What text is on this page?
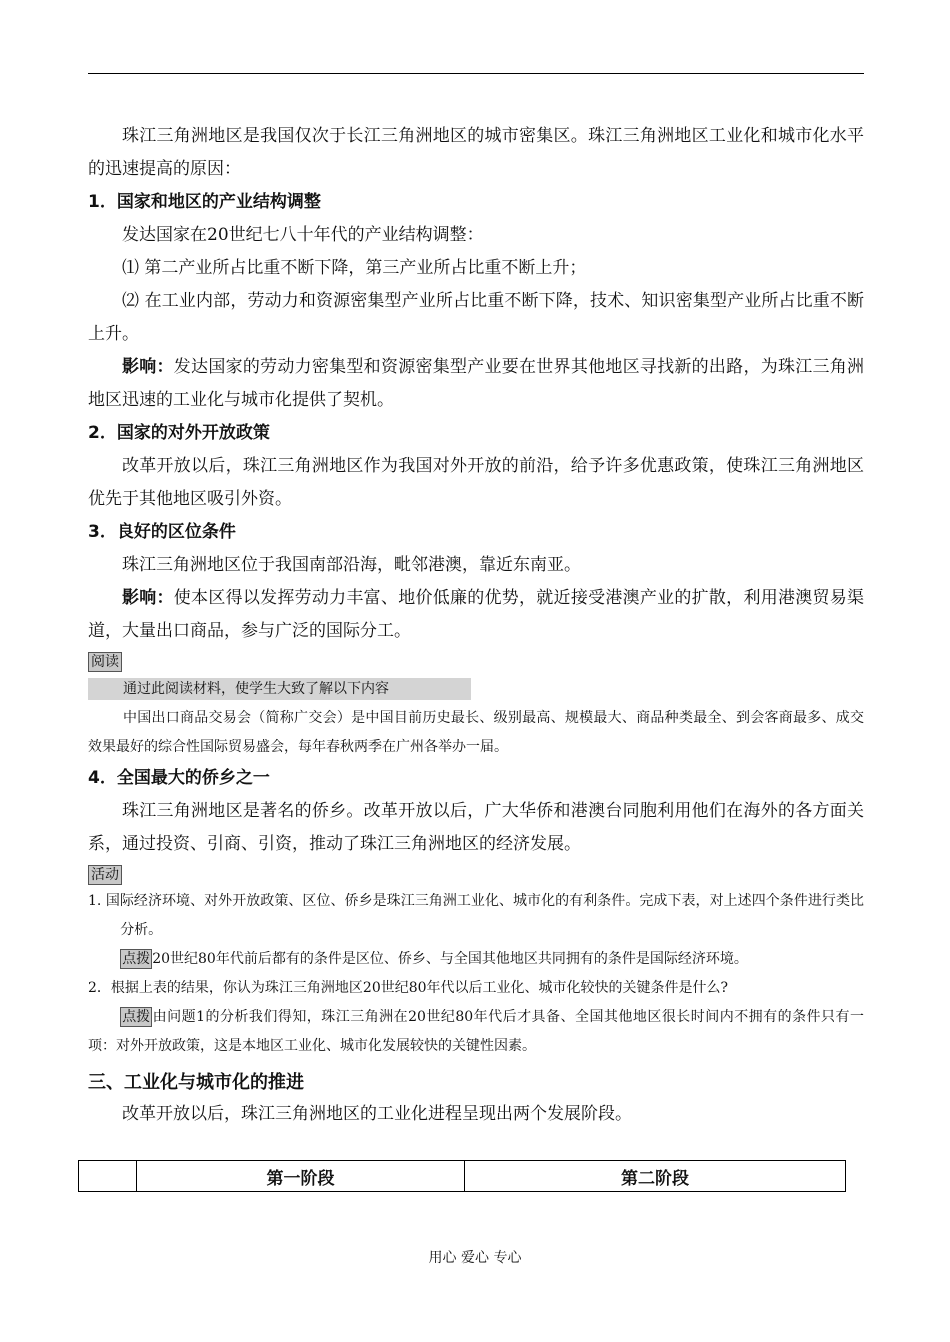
珠江三角洲地区是我国仅次于长江三角洲地区的城市密集区。珠江三角洲地区工业化和城市化水平的迅速提高的原因：

1．国家和地区的产业结构调整

发达国家在20世纪七八十年代的产业结构调整：

⑴ 第二产业所占比重不断下降，第三产业所占比重不断上升；

⑵ 在工业内部，劳动力和资源密集型产业所占比重不断下降，技术、知识密集型产业所占比重不断上升。

影响：发达国家的劳动力密集型和资源密集型产业要在世界其他地区寻找新的出路，为珠江三角洲地区迅速的工业化与城市化提供了契机。

2．国家的对外开放政策

改革开放以后，珠江三角洲地区作为我国对外开放的前沿，给予许多优惠政策，使珠江三角洲地区优先于其他地区吸引外资。

3．良好的区位条件

珠江三角洲地区位于我国南部沿海，毗邻港澳，靠近东南亚。

影响：使本区得以发挥劳动力丰富、地价低廉的优势，就近接受港澳产业的扩散，利用港澳贸易渠道，大量出口商品，参与广泛的国际分工。

阅读
通过此阅读材料，使学生大致了解以下内容

中国出口商品交易会（简称广交会）是中国目前历史最长、级别最高、规模最大、商品种类最全、到会客商最多、成交效果最好的综合性国际贸易盛会，每年春秋两季在广州各举办一届。

4．全国最大的侨乡之一

珠江三角洲地区是著名的侨乡。改革开放以后，广大华侨和港澳台同胞利用他们在海外的各方面关系，通过投资、引商、引资，推动了珠江三角洲地区的经济发展。

活动

1. 国际经济环境、对外开放政策、区位、侨乡是珠江三角洲工业化、城市化的有利条件。完成下表，对上述四个条件进行类比分析。

点拨 20世纪80年代前后都有的条件是区位、侨乡、与全国其他地区共同拥有的条件是国际经济环境。

2．根据上表的结果，你认为珠江三角洲地区20世纪80年代以后工业化、城市化较快的关键条件是什么?

点拨 由问题1的分析我们得知，珠江三角洲在20世纪80年代后才具备、全国其他地区很长时间内不拥有的条件只有一项：对外开放政策，这是本地区工业化、城市化发展较快的关键性因素。

三、工业化与城市化的推进

改革开放以后，珠江三角洲地区的工业化进程呈现出两个发展阶段。

	第一阶段	第二阶段
用心 爱心 专心
